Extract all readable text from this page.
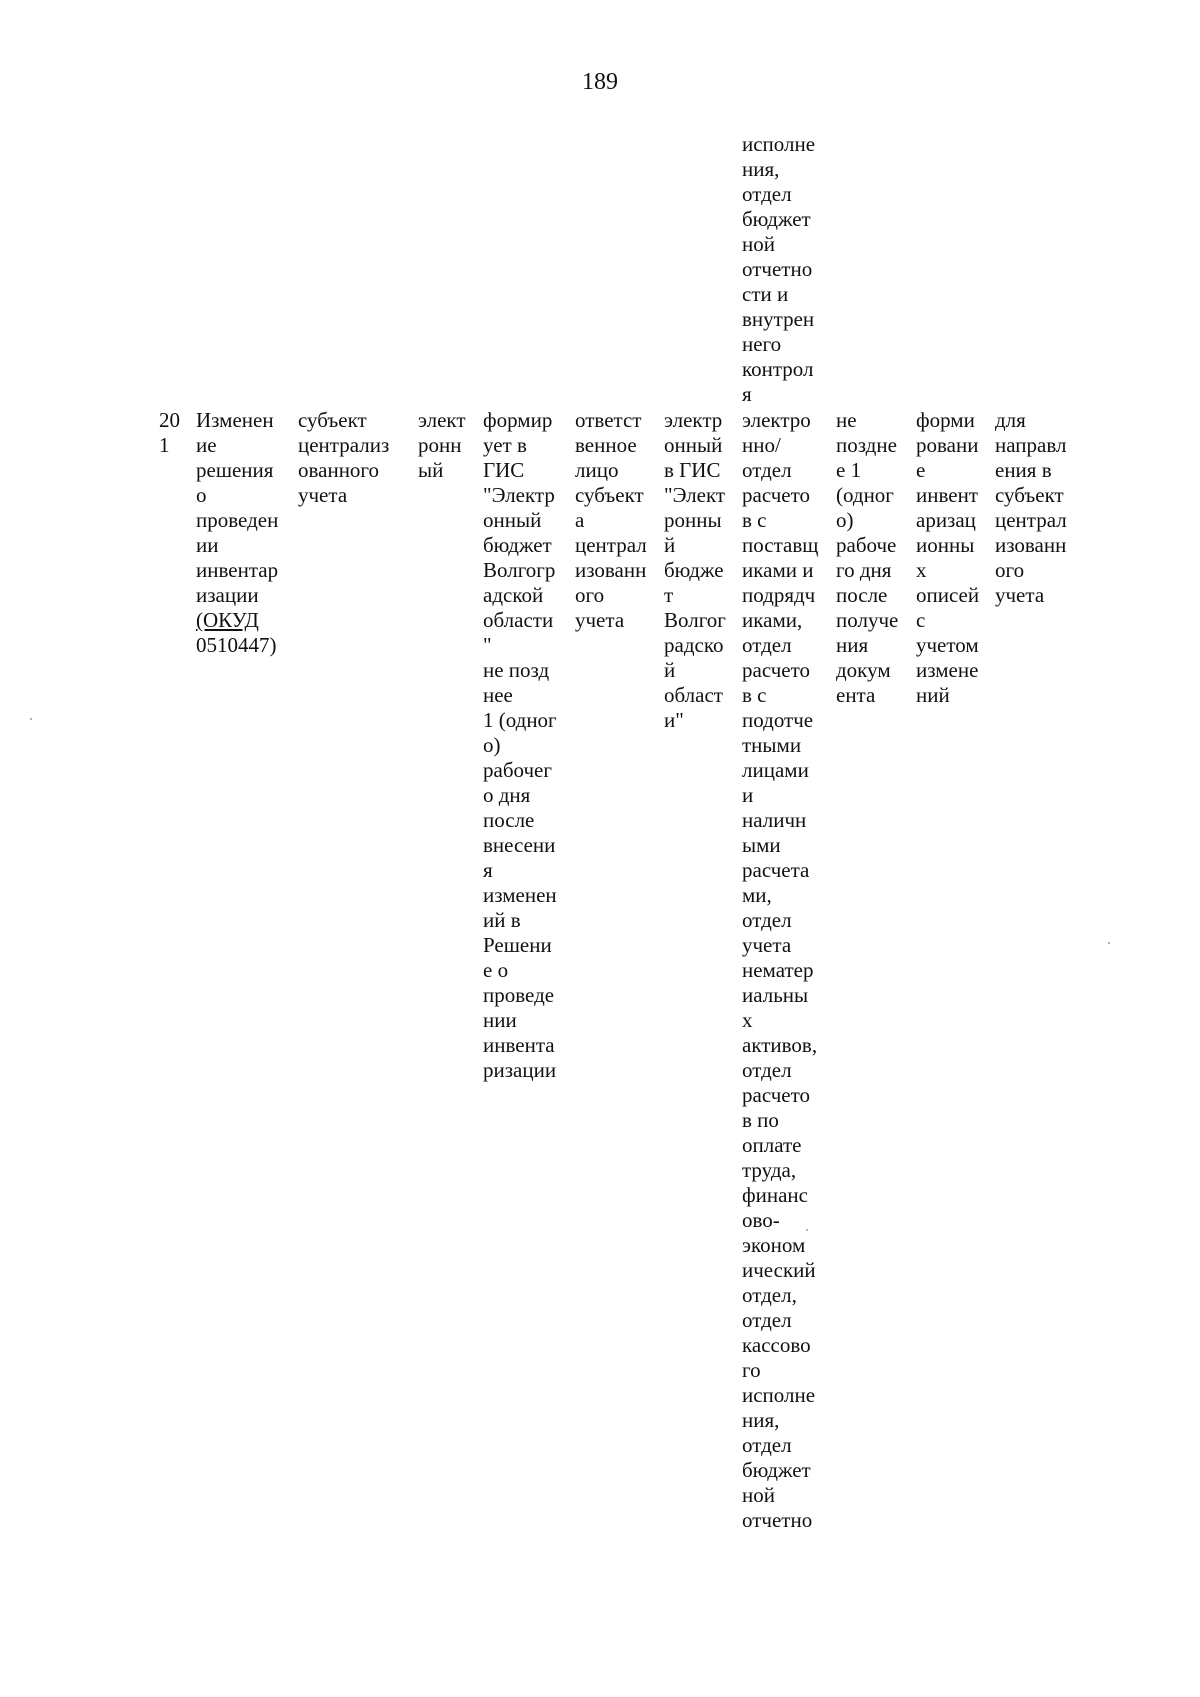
189
исполне
ния,
отдел
бюджет
ной
отчетно
сти и
внутрен
него
контрол
я
20
1
Изменен
ие
решения
о
проведен
ии
инвентар
изации
(ОКУД
0510447)
субъект
централиз
ованного
учета
элект
ронн
ый
формир
ует в
ГИС
"Электр
онный
бюджет
Волгогр
адской
области
"
не позд
нее
1 (одног
о)
рабочег
о дня
после
внесени
я
изменен
ий в
Решени
е о
проведе
нии
инвента
ризации
ответст
венное
лицо
субъект
а
централ
изованн
ого
учета
электр
онный
в ГИС
"Элект
ронны
й
бюдже
т
Волгог
радско
й
област
и"
электро
нно/
отдел
расчето
в с
поставщ
иками и
подрядч
иками,
отдел
расчето
в с
подотче
тными
лицами
и
наличн
ыми
расчета
ми,
отдел
учета
нематер
иальны
х
активов,
отдел
расчето
в по
оплате
труда,
финанс
ово-
эконом
ический
отдел,
отдел
кассово
го
исполне
ния,
отдел
бюджет
ной
отчетно
не
поздне
е 1
(одног
о)
рабоче
го дня
после
получе
ния
докум
ента
форми
ровани
е
инвент
аризац
ионны
х
описей
с
учетом
измене
ний
для
направл
ения в
субъект
централ
изованн
ого
учета
